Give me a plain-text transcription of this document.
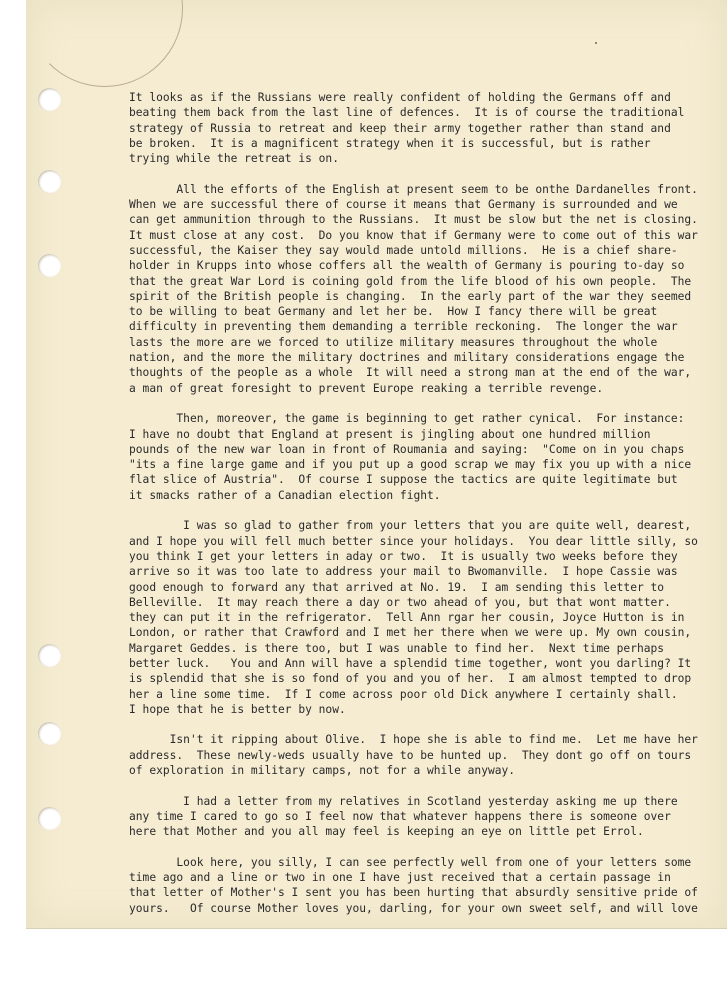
It looks as if the Russians were really confident of holding the Germans off and
beating them back from the last line of defences.  It is of course the traditional
strategy of Russia to retreat and keep their army together rather than stand and
be broken.  It is a magnificent strategy when it is successful, but is rather
trying while the retreat is on.
All the efforts of the English at present seem to be onthe Dardanelles front.
When we are successful there of course it means that Germany is surrounded and we
can get ammunition through to the Russians.  It must be slow but the net is closing.
It must close at any cost.  Do you know that if Germany were to come out of this war
successful, the Kaiser they say would made untold millions.  He is a chief share-
holder in Krupps into whose coffers all the wealth of Germany is pouring to-day so
that the great War Lord is coining gold from the life blood of his own people.  The
spirit of the British people is changing.  In the early part of the war they seemed
to be willing to beat Germany and let her be.  How I fancy there will be great
difficulty in preventing them demanding a terrible reckoning.  The longer the war
lasts the more are we forced to utilize military measures throughout the whole
nation, and the more the military doctrines and military considerations engage the
thoughts of the people as a whole  It will need a strong man at the end of the war,
a man of great foresight to prevent Europe reaking a terrible revenge.
Then, moreover, the game is beginning to get rather cynical.  For instance:
I have no doubt that England at present is jingling about one hundred million
pounds of the new war loan in front of Roumania and saying:  "Come on in you chaps
"its a fine large game and if you put up a good scrap we may fix you up with a nice
flat slice of Austria".  Of course I suppose the tactics are quite legitimate but
it smacks rather of a Canadian election fight.
I was so glad to gather from your letters that you are quite well, dearest,
and I hope you will fell much better since your holidays.  You dear little silly, so
you think I get your letters in aday or two.  It is usually two weeks before they
arrive so it was too late to address your mail to Bwomanville.  I hope Cassie was
good enough to forward any that arrived at No. 19.  I am sending this letter to
Belleville.  It may reach there a day or two ahead of you, but that wont matter.
they can put it in the refrigerator.  Tell Ann rgar her cousin, Joyce Hutton is in
London, or rather that Crawford and I met her there when we were up. My own cousin,
Margaret Geddes. is there too, but I was unable to find her.  Next time perhaps
better luck.   You and Ann will have a splendid time together, wont you darling? It
is splendid that she is so fond of you and you of her.  I am almost tempted to drop
her a line some time.  If I come across poor old Dick anywhere I certainly shall.
I hope that he is better by now.
Isn't it ripping about Olive.  I hope she is able to find me.  Let me have her
address.  These newly-weds usually have to be hunted up.  They dont go off on tours
of exploration in military camps, not for a while anyway.
I had a letter from my relatives in Scotland yesterday asking me up there
any time I cared to go so I feel now that whatever happens there is someone over
here that Mother and you all may feel is keeping an eye on little pet Errol.
Look here, you silly, I can see perfectly well from one of your letters some
time ago and a line or two in one I have just received that a certain passage in
that letter of Mother's I sent you has been hurting that absurdly sensitive pride of
yours.   Of course Mother loves you, darling, for your own sweet self, and will love
